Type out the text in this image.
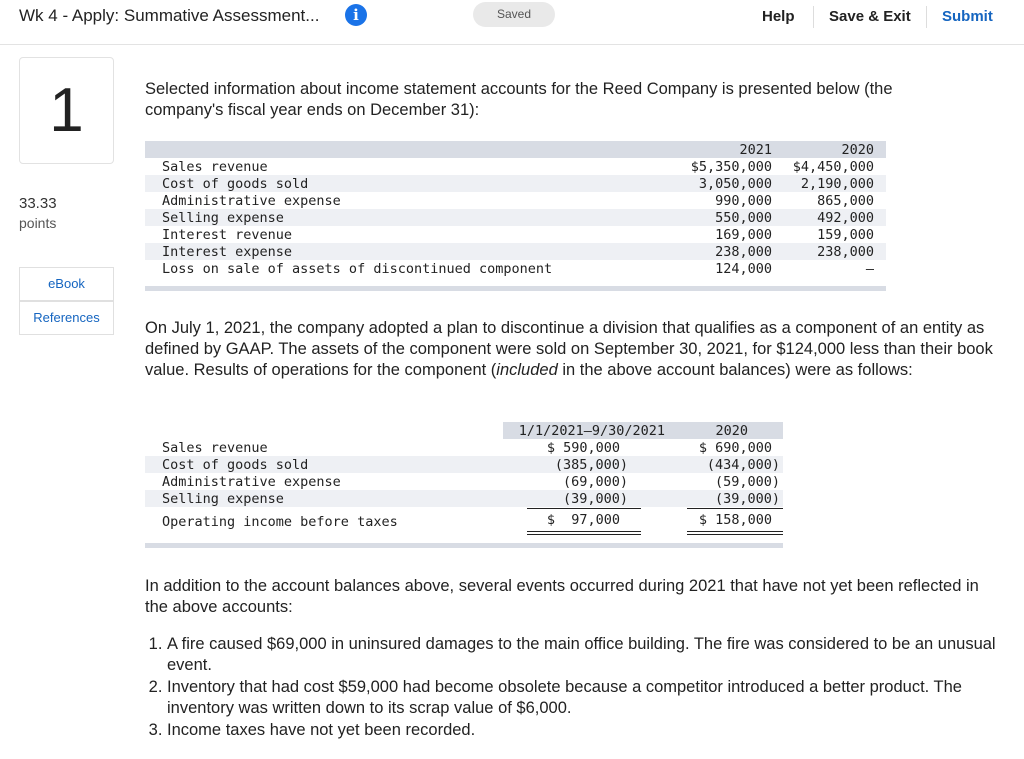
Wk 4 - Apply: Summative Assessment...	i	Saved	Help Save & Exit Submit
1
33.33
points
eBook
References
Selected information about income statement accounts for the Reed Company is presented below (the company's fiscal year ends on December 31):
2021	2020
Sales revenue	$5,350,000	$4,450,000
Cost of goods sold	3,050,000	2,190,000
Administrative expense	990,000	865,000
Selling expense	550,000	492,000
Interest revenue	169,000	159,000
Interest expense	238,000	238,000
Loss on sale of assets of discontinued component	124,000	–
On July 1, 2021, the company adopted a plan to discontinue a division that qualifies as a component of an entity as defined by GAAP. The assets of the component were sold on September 30, 2021, for $124,000 less than their book value. Results of operations for the component (included in the above account balances) were as follows:
1/1/2021–9/30/2021	2020
Sales revenue	$ 590,000	$ 690,000
Cost of goods sold	(385,000)	(434,000)
Administrative expense	(69,000)	(59,000)
Selling expense	(39,000)	(39,000)
Operating income before taxes	$  97,000	$ 158,000
In addition to the account balances above, several events occurred during 2021 that have not yet been reflected in the above accounts:
1. A fire caused $69,000 in uninsured damages to the main office building. The fire was considered to be an unusual event.
2. Inventory that had cost $59,000 had become obsolete because a competitor introduced a better product. The inventory was written down to its scrap value of $6,000.
3. Income taxes have not yet been recorded.
